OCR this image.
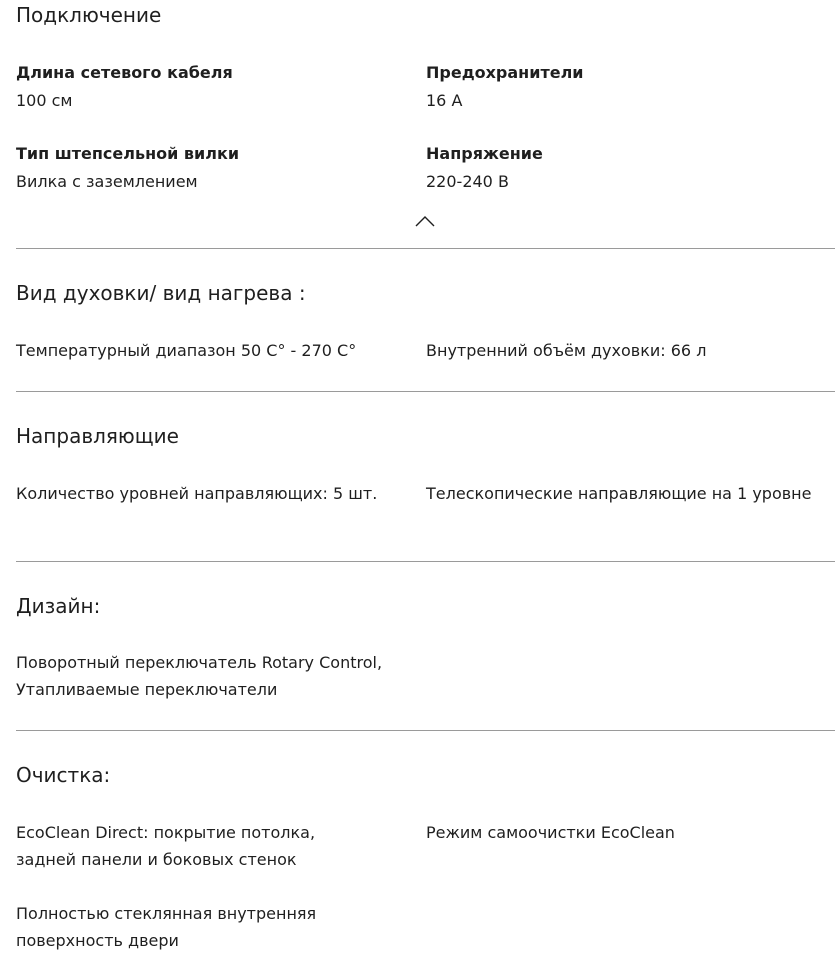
Подключение
Длина сетевого кабеля
100 см
Предохранители
16 А
Тип штепсельной вилки
Вилка с заземлением
Напряжение
220-240 В
Вид духовки/ вид нагрева :
Температурный диапазон 50 C° - 270 C°	Внутренний объём духовки: 66 л
Направляющие
Количество уровней направляющих: 5 шт.	Телескопические направляющие на 1 уровне
Дизайн:
Поворотный переключатель Rotary Control, Утапливаемые переключатели
Очистка:
EcoClean Direct: покрытие потолка, задней панели и боковых стенок
Режим самоочистки EcoClean
Полностью стеклянная внутренняя поверхность двери
